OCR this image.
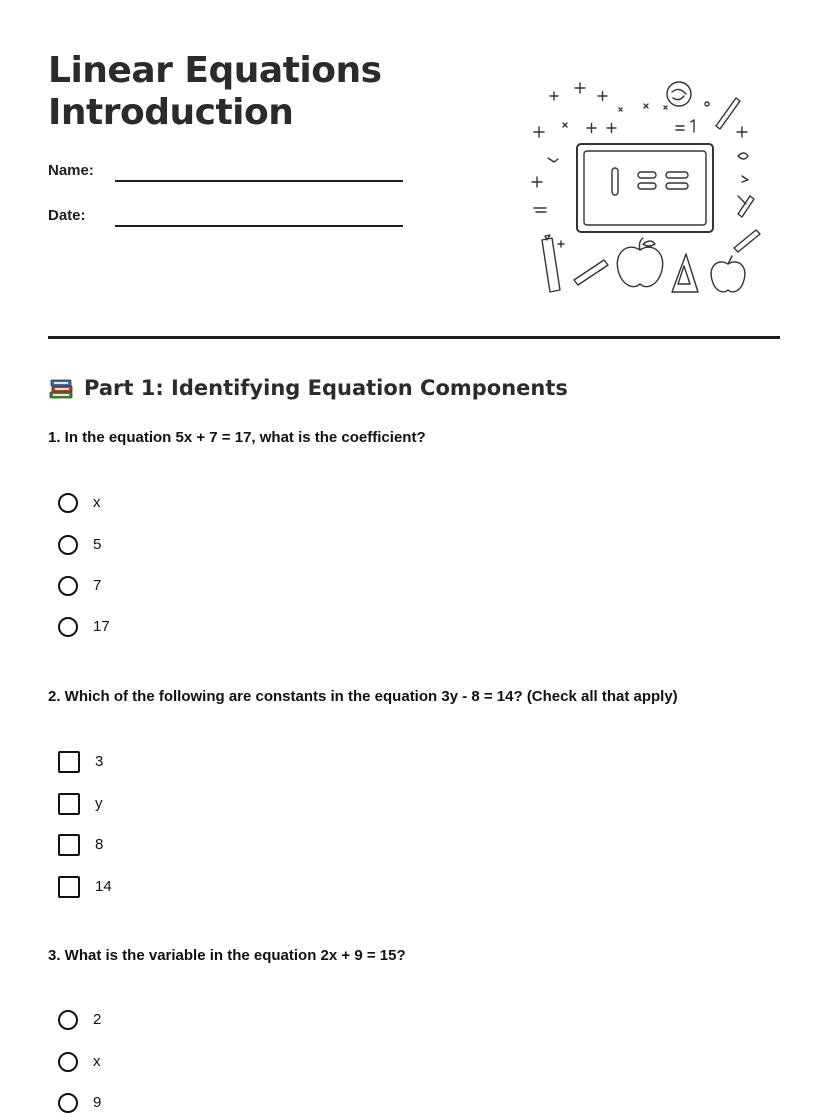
Linear Equations
Introduction
Name:
Date:
Part 1: Identifying Equation Components

1. In the equation 5x + 7 = 17, what is the coefficient?

x
5
7
17

2. Which of the following are constants in the equation 3y - 8 = 14? (Check all that apply)

3
y
8
14

3. What is the variable in the equation 2x + 9 = 15?

2
x
9
